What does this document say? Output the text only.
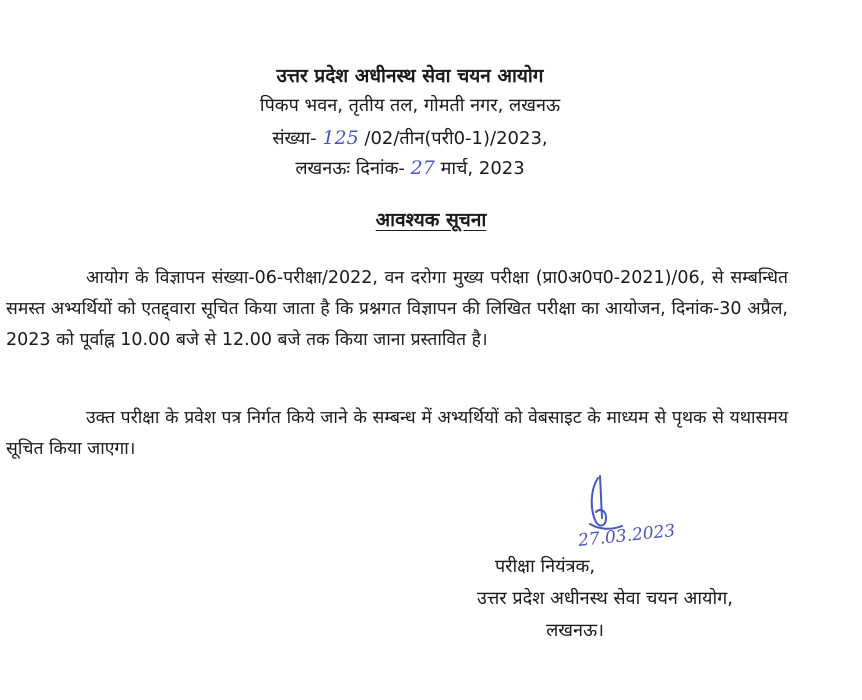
उत्तर प्रदेश अधीनस्थ सेवा चयन आयोग
पिकप भवन, तृतीय तल, गोमती नगर, लखनऊ
संख्या- 125 /02/तीन(परी0-1)/2023,
लखनऊः दिनांक- 27 मार्च, 2023
आवश्यक सूचना

आयोग के विज्ञापन संख्या-06-परीक्षा/2022, वन दरोगा मुख्य परीक्षा (प्रा0अ0प0-2021)/06, से सम्बन्धित समस्त अभ्यर्थियों को एतद्द्वारा सूचित किया जाता है कि प्रश्नगत विज्ञापन की लिखित परीक्षा का आयोजन, दिनांक-30 अप्रैल, 2023 को पूर्वाह्न 10.00 बजे से 12.00 बजे तक किया जाना प्रस्तावित है।

उक्त परीक्षा के प्रवेश पत्र निर्गत किये जाने के सम्बन्ध में अभ्यर्थियों को वेबसाइट के माध्यम से पृथक से यथासमय सूचित किया जाएगा।

27.03.2023
परीक्षा नियंत्रक,
उत्तर प्रदेश अधीनस्थ सेवा चयन आयोग,
लखनऊ।
